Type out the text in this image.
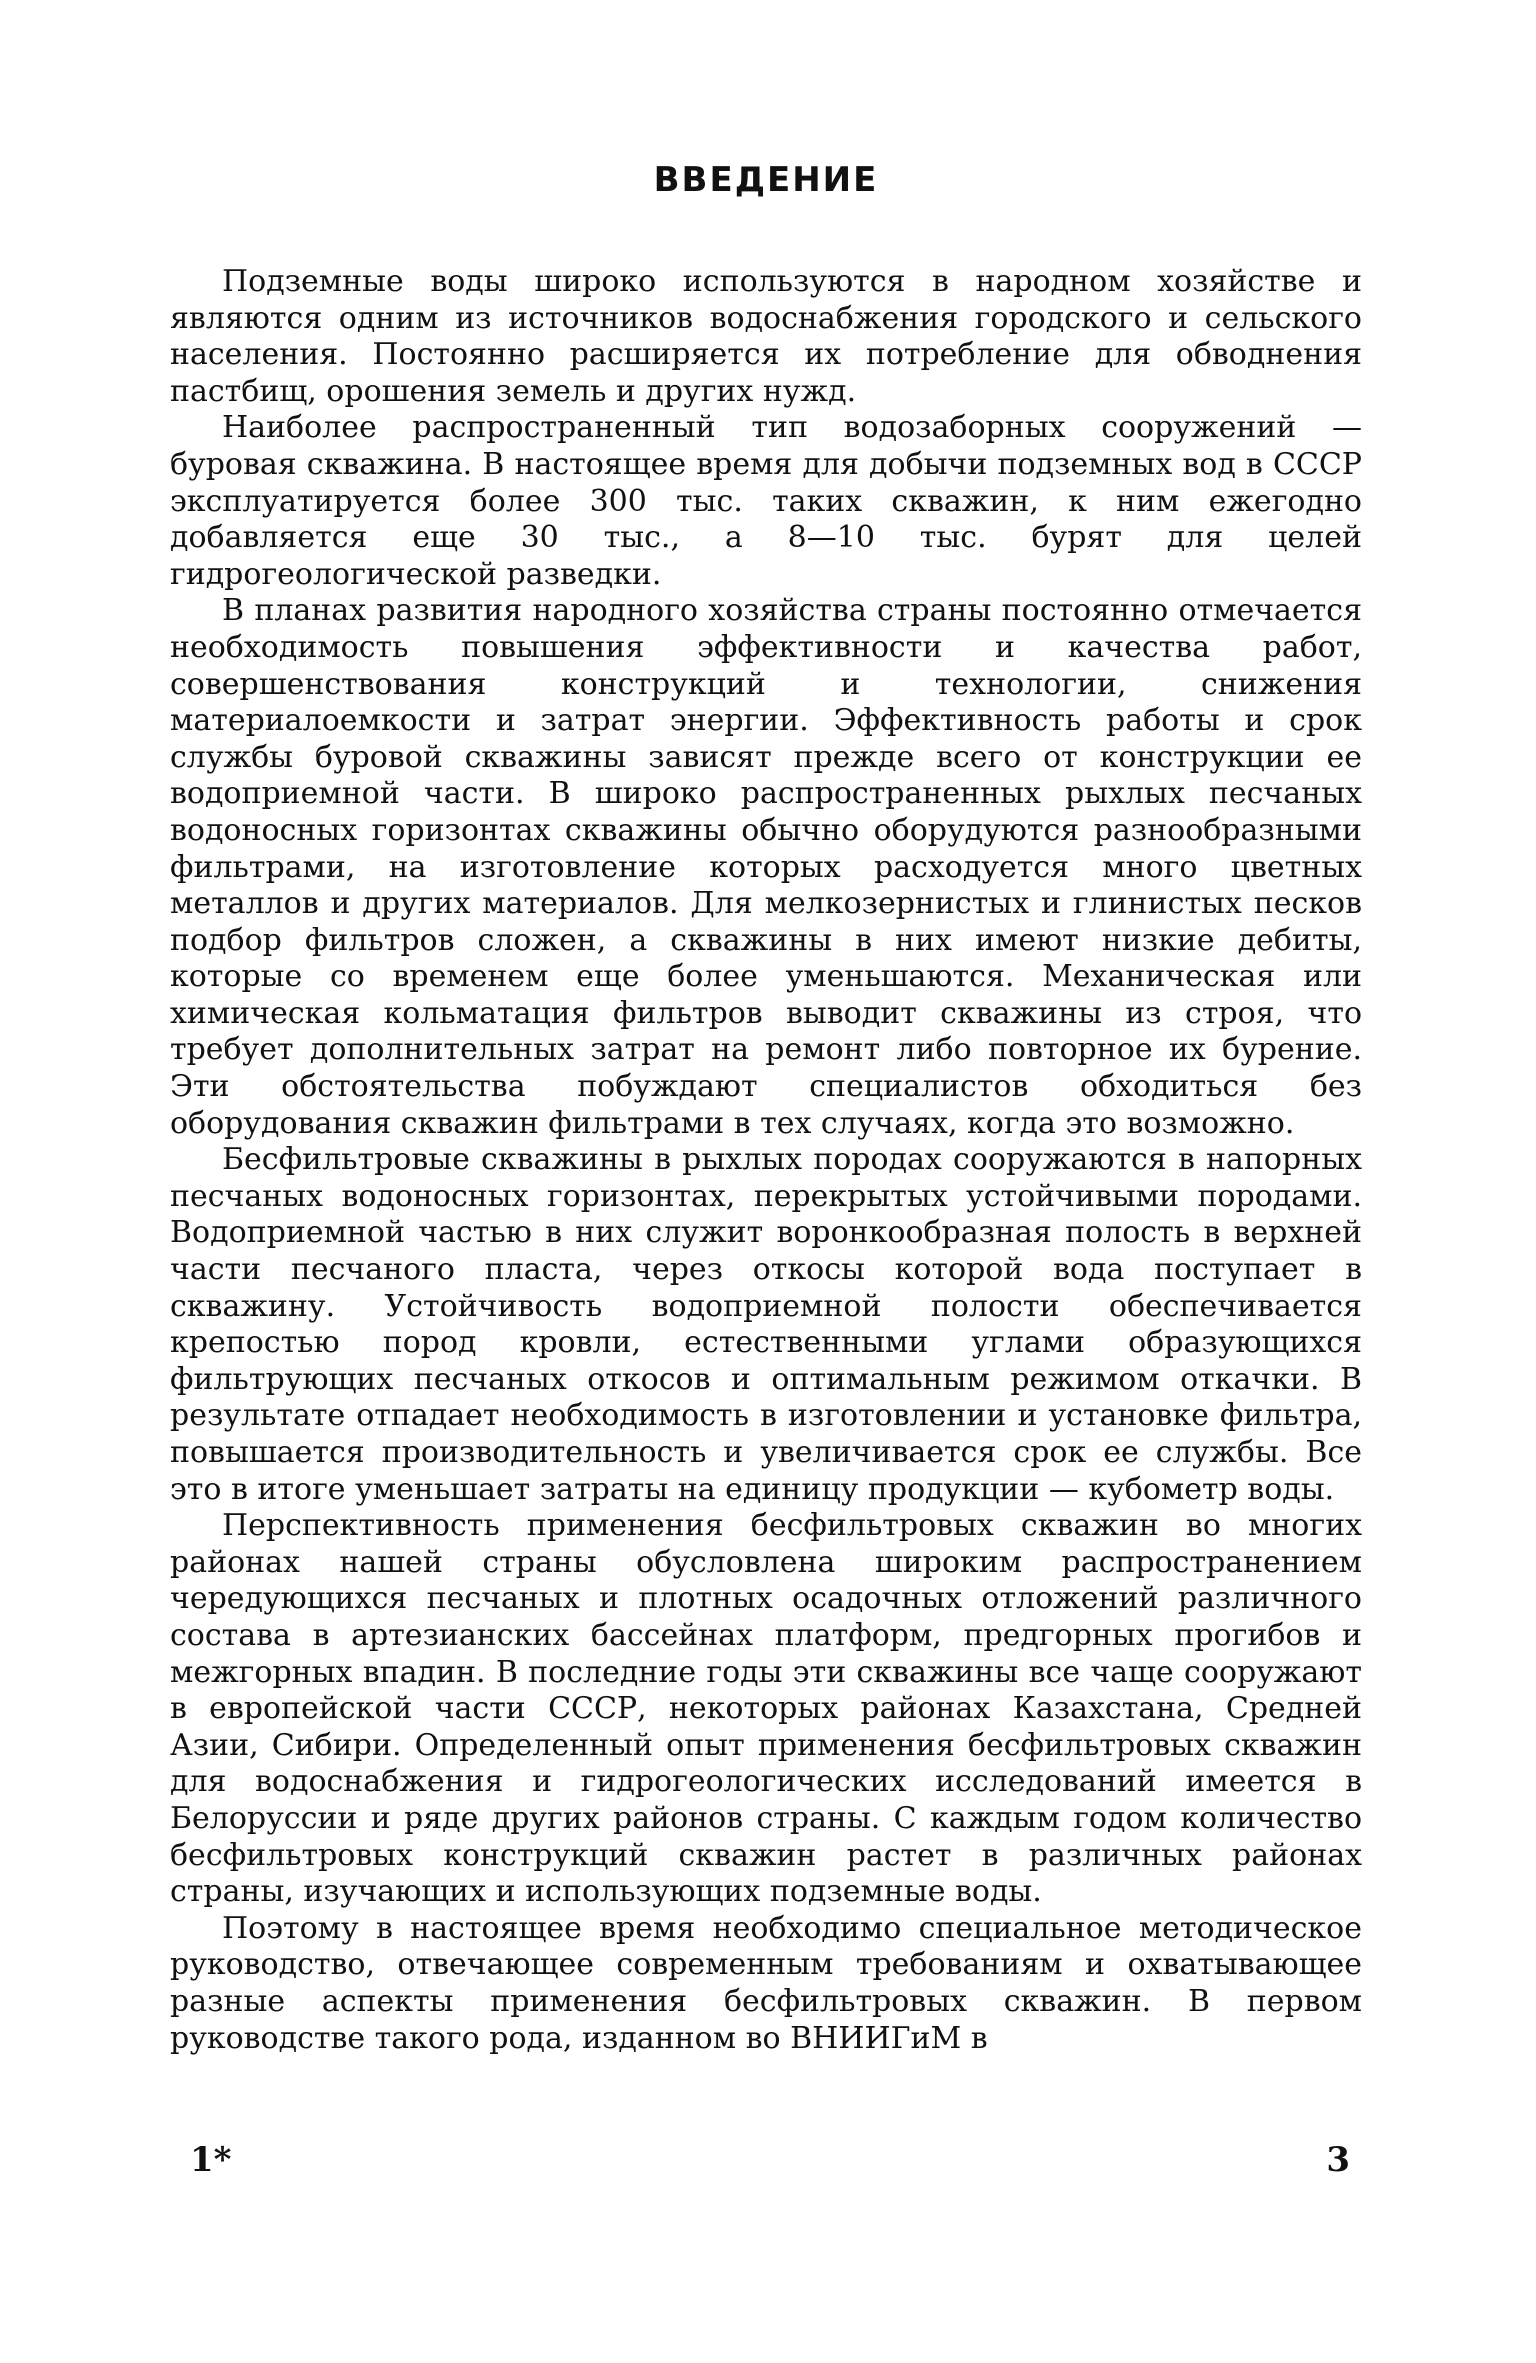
ВВЕДЕНИЕ

Подземные воды широко используются в народном хозяйстве и являются одним из источников водоснабжения городского и сельского населения. Постоянно расширяется их потребление для обводнения пастбищ, орошения земель и других нужд.

Наиболее распространенный тип водозаборных сооружений — буровая скважина. В настоящее время для добычи подземных вод в СССР эксплуатируется более 300 тыс. таких скважин, к ним ежегодно добавляется еще 30 тыс., а 8—10 тыс. бурят для целей гидрогеологической разведки.

В планах развития народного хозяйства страны постоянно отмечается необходимость повышения эффективности и качества работ, совершенствования конструкций и технологии, снижения материалоемкости и затрат энергии. Эффективность работы и срок службы буровой скважины зависят прежде всего от конструкции ее водоприемной части. В широко распространенных рыхлых песчаных водоносных горизонтах скважины обычно оборудуются разнообразными фильтрами, на изготовление которых расходуется много цветных металлов и других материалов. Для мелкозернистых и глинистых песков подбор фильтров сложен, а скважины в них имеют низкие дебиты, которые со временем еще более уменьшаются. Механическая или химическая кольматация фильтров выводит скважины из строя, что требует дополнительных затрат на ремонт либо повторное их бурение. Эти обстоятельства побуждают специалистов обходиться без оборудования скважин фильтрами в тех случаях, когда это возможно.

Бесфильтровые скважины в рыхлых породах сооружаются в напорных песчаных водоносных горизонтах, перекрытых устойчивыми породами. Водоприемной частью в них служит воронкообразная полость в верхней части песчаного пласта, через откосы которой вода поступает в скважину. Устойчивость водоприемной полости обеспечивается крепостью пород кровли, естественными углами образующихся фильтрующих песчаных откосов и оптимальным режимом откачки. В результате отпадает необходимость в изготовлении и установке фильтра, повышается производительность и увеличивается срок ее службы. Все это в итоге уменьшает затраты на единицу продукции — кубометр воды.

Перспективность применения бесфильтровых скважин во многих районах нашей страны обусловлена широким распространением чередующихся песчаных и плотных осадочных отложений различного состава в артезианских бассейнах платформ, предгорных прогибов и межгорных впадин. В последние годы эти скважины все чаще сооружают в европейской части СССР, некоторых районах Казахстана, Средней Азии, Сибири. Определенный опыт применения бесфильтровых скважин для водоснабжения и гидрогеологических исследований имеется в Белоруссии и ряде других районов страны. С каждым годом количество бесфильтровых конструкций скважин растет в различных районах страны, изучающих и использующих подземные воды.

Поэтому в настоящее время необходимо специальное методическое руководство, отвечающее современным требованиям и охватывающее разные аспекты применения бесфильтровых скважин. В первом руководстве такого рода, изданном во ВНИИГиМ в

1*	3
